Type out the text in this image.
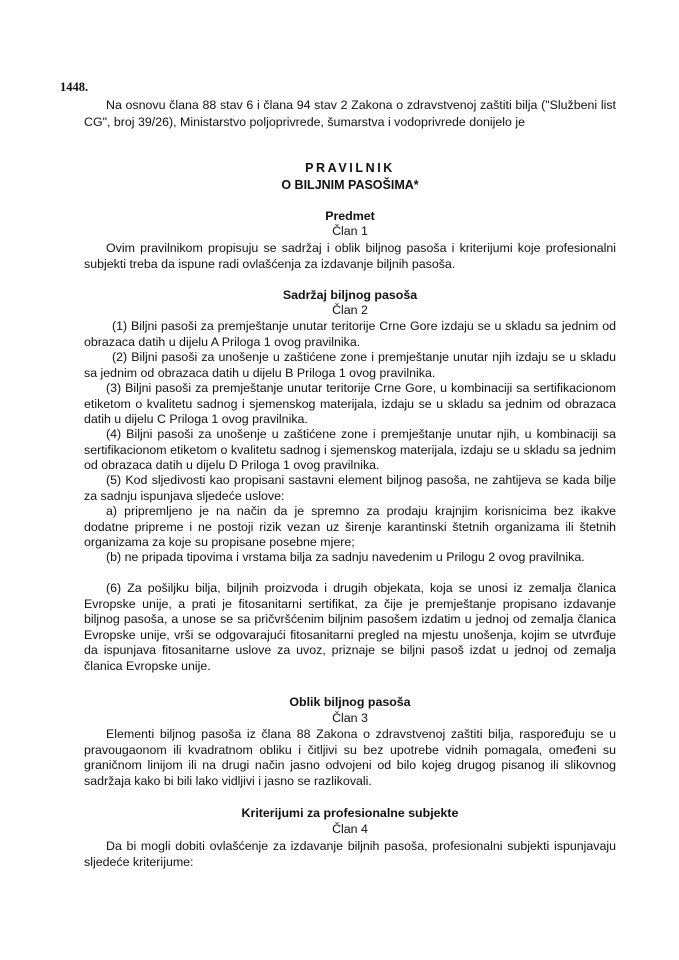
1448.
Na osnovu člana 88 stav 6 i člana 94 stav 2 Zakona o zdravstvenoj zaštiti bilja ("Službeni list CG", broj 39/26), Ministarstvo poljoprivrede, šumarstva i vodoprivrede donijelo je
PRAVILNIK
O BILJNIM PASOŠIMA*
Predmet
Član 1

Ovim pravilnikom propisuju se sadržaj i oblik biljnog pasoša i kriterijumi koje profesionalni subjekti treba da ispune radi ovlašćenja za izdavanje biljnih pasoša.

Sadržaj biljnog pasoša
Član 2

(1) Biljni pasoši za premještanje unutar teritorije Crne Gore izdaju se u skladu sa jednim od obrazaca datih u dijelu A Priloga 1 ovog pravilnika.

(2) Biljni pasoši za unošenje u zaštićene zone i premještanje unutar njih izdaju se u skladu sa jednim od obrazaca datih u dijelu B Priloga 1 ovog pravilnika.

(3) Biljni pasoši za premještanje unutar teritorije Crne Gore, u kombinaciji sa sertifikacionom etiketom o kvalitetu sadnog i sjemenskog materijala, izdaju se u skladu sa jednim od obrazaca datih u dijelu C Priloga 1 ovog pravilnika.

(4) Biljni pasoši za unošenje u zaštićene zone i premještanje unutar njih, u kombinaciji sa sertifikacionom etiketom o kvalitetu sadnog i sjemenskog materijala, izdaju se u skladu sa jednim od obrazaca datih u dijelu D Priloga 1 ovog pravilnika.

(5) Kod sljedivosti kao propisani sastavni element biljnog pasoša, ne zahtijeva se kada bilje za sadnju ispunjava sljedeće uslove:

a) pripremljeno je na način da je spremno za prodaju krajnjim korisnicima bez ikakve dodatne pripreme i ne postoji rizik vezan uz širenje karantinski štetnih organizama ili štetnih organizama za koje su propisane posebne mjere;

(b) ne pripada tipovima i vrstama bilja za sadnju navedenim u Prilogu 2 ovog pravilnika.

(6) Za pošiljku bilja, biljnih proizvoda i drugih objekata, koja se unosi iz zemalja članica Evropske unije, a prati je fitosanitarni sertifikat, za čije je premještanje propisano izdavanje biljnog pasoša, a unose se sa pričvršćenim biljnim pasošem izdatim u jednoj od zemalja članica Evropske unije, vrši se odgovarajući fitosanitarni pregled na mjestu unošenja, kojim se utvrđuje da ispunjava fitosanitarne uslove za uvoz, priznaje se biljni pasoš izdat u jednoj od zemalja članica Evropske unije.

Oblik biljnog pasoša
Član 3

Elementi biljnog pasoša iz člana 88 Zakona o zdravstvenoj zaštiti bilja, raspoređuju se u pravougaonom ili kvadratnom obliku i čitljivi su bez upotrebe vidnih pomagala, omeđeni su graničnom linijom ili na drugi način jasno odvojeni od bilo kojeg drugog pisanog ili slikovnog sadržaja kako bi bili lako vidljivi i jasno se razlikovali.

Kriterijumi za profesionalne subjekte
Član 4

Da bi mogli dobiti ovlašćenje za izdavanje biljnih pasoša, profesionalni subjekti ispunjavaju sljedeće kriterijume:
